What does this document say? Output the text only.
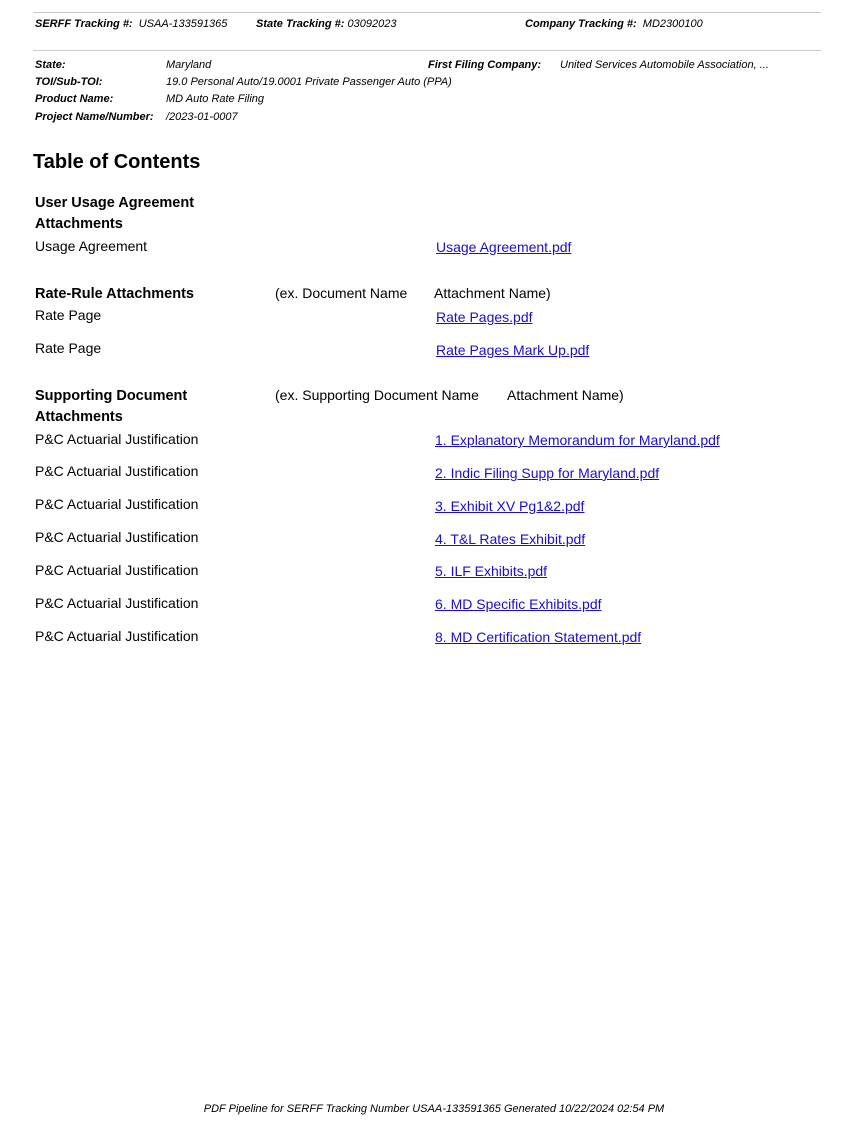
SERFF Tracking #: USAA-133591365	State Tracking #: 03092023	Company Tracking #: MD2300100
State:	Maryland	First Filing Company: United Services Automobile Association, ...
TOI/Sub-TOI:	19.0 Personal Auto/19.0001 Private Passenger Auto (PPA)
Product Name:	MD Auto Rate Filing
Project Name/Number: /2023-01-0007
Table of Contents
User Usage Agreement Attachments
Usage Agreement	Usage Agreement.pdf
Rate-Rule Attachments	(ex. Document Name Attachment Name)
Rate Page	Rate Pages.pdf
Rate Page	Rate Pages Mark Up.pdf
Supporting Document Attachments
(ex. Supporting Document Name Attachment Name)
P&C Actuarial Justification	1. Explanatory Memorandum for Maryland.pdf
P&C Actuarial Justification	2. Indic Filing Supp for Maryland.pdf
P&C Actuarial Justification	3. Exhibit XV Pg1&2.pdf
P&C Actuarial Justification	4. T&L Rates Exhibit.pdf
P&C Actuarial Justification	5. ILF Exhibits.pdf
P&C Actuarial Justification	6. MD Specific Exhibits.pdf
P&C Actuarial Justification	8. MD Certification Statement.pdf
PDF Pipeline for SERFF Tracking Number USAA-133591365 Generated 10/22/2024 02:54 PM
